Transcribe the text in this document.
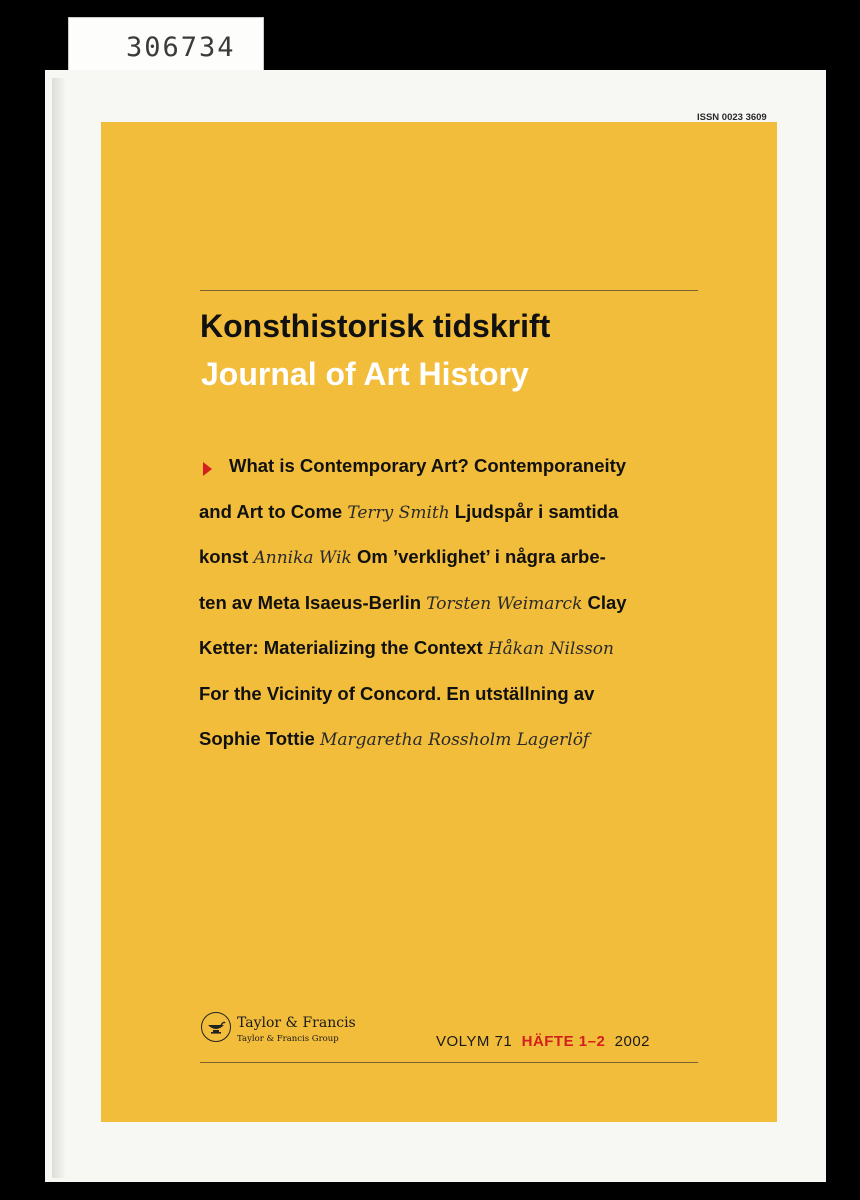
306734
ISSN 0023 3609
Konsthistorisk tidskrift
Journal of Art History
What is Contemporary Art? Contemporaneity
and Art to Come Terry Smith Ljudspår i samtida
konst Annika Wik Om ’verklighet’ i några arbe-
ten av Meta Isaeus-Berlin Torsten Weimarck Clay
Ketter: Materializing the Context Håkan Nilsson
For the Vicinity of Concord. En utställning av
Sophie Tottie Margaretha Rossholm Lagerlöf
Taylor & Francis
Taylor & Francis Group	VOLYM 71 HÄFTE 1–2 2002
